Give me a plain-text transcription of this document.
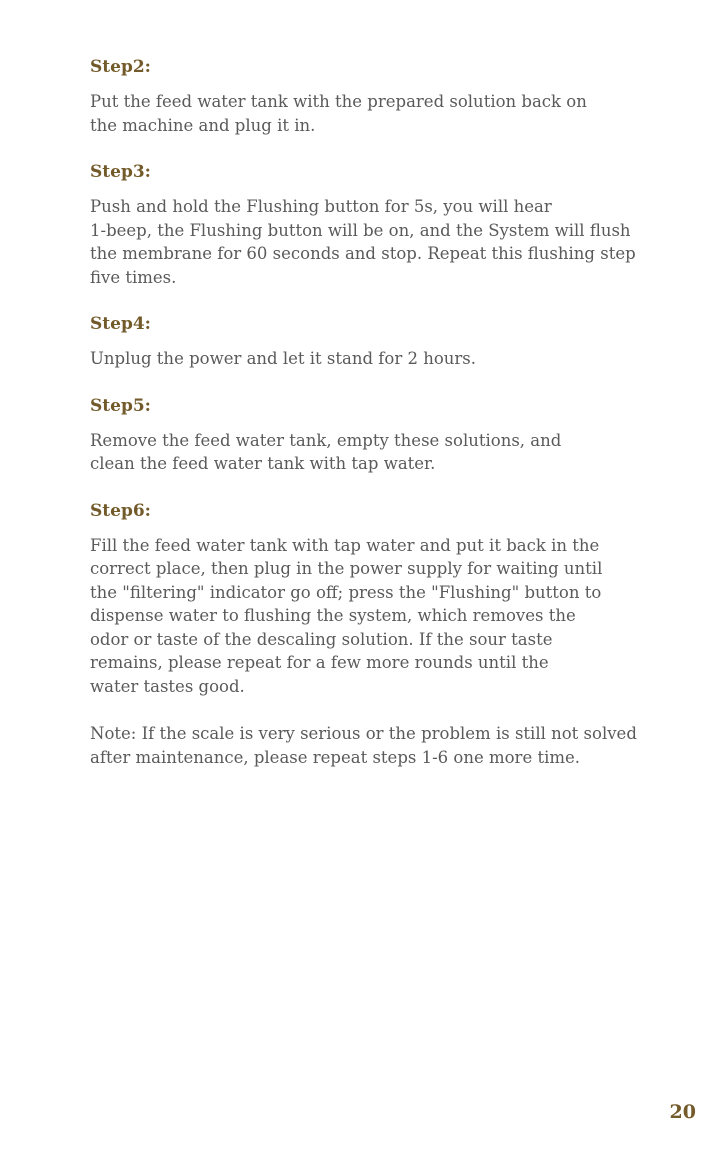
Step2:
Put the feed water tank with the prepared solution back on
the machine and plug it in.
Step3:
Push and hold the Flushing button for 5s, you will hear
1-beep, the Flushing button will be on, and the System will flush
the membrane for 60 seconds and stop. Repeat this flushing step
five times.
Step4:
Unplug the power and let it stand for 2 hours.
Step5:
Remove the feed water tank, empty these solutions, and
clean the feed water tank with tap water.
Step6:
Fill the feed water tank with tap water and put it back in the
correct place, then plug in the power supply for waiting until
the "filtering" indicator go off; press the "Flushing" button to
dispense water to flushing the system, which removes the
odor or taste of the descaling solution. If the sour taste
remains, please repeat for a few more rounds until the
water tastes good.
Note: If the scale is very serious or the problem is still not solved
after maintenance, please repeat steps 1-6 one more time.
20
